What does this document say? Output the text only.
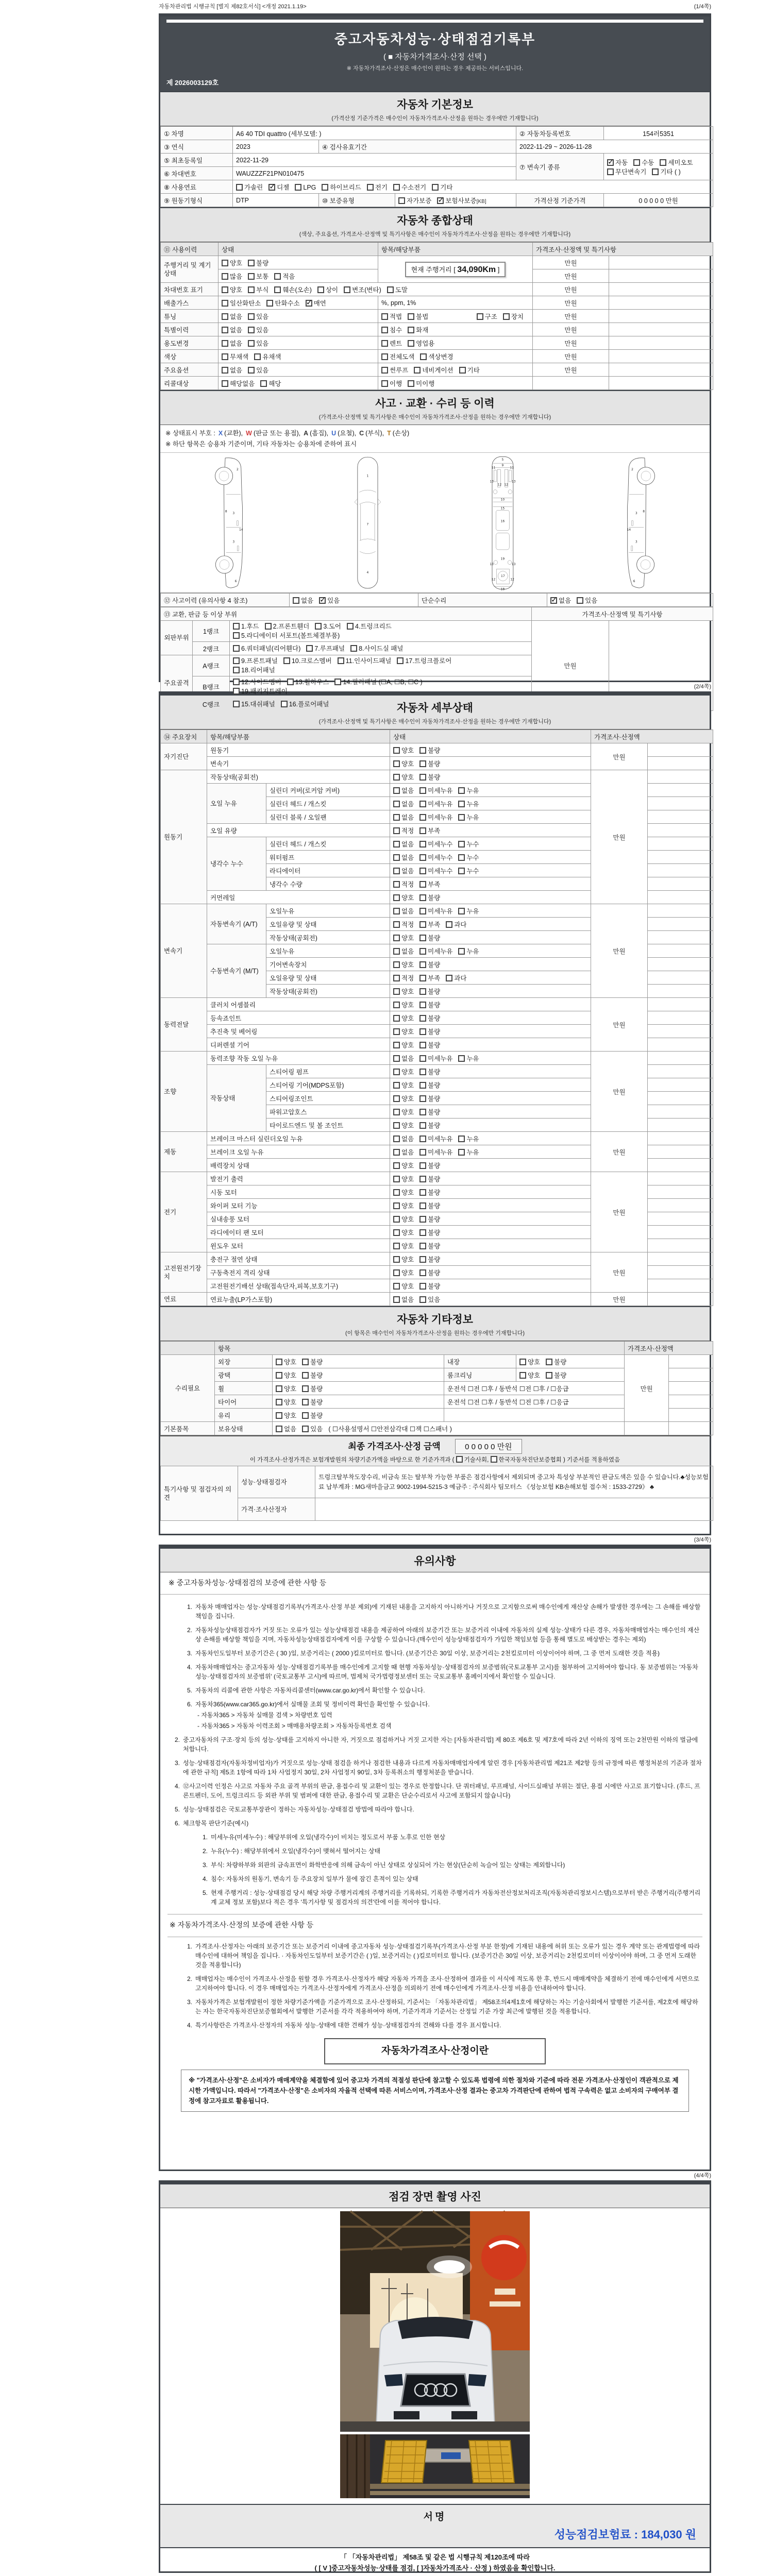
자동차관리법 시행규칙 [별지 제82호서식] <개정 2021.1.19>	(1/4쪽)
중고자동차성능·상태점검기록부
( ■ 자동차가격조사·산정 선택 )
※ 자동차가격조사·산정은 매수인이 원하는 경우 제공하는 서비스입니다.
제 2026003129호
자동차 기본정보
(가격산정 기준가격은 매수인이 자동차가격조사·산정을 원하는 경우에만 기재합니다)
① 차명	A6 40 TDI quattro (세부모델: )			② 자동차등록번호	154러5351
③ 연식	2023	④ 검사유효기간		2022-11-29 ~ 2026-11-28	
⑤ 최초등록일	2022-11-29			⑦ 변속기 종류	✓자동 수동 세미오토무단변속기 기타 ( )
⑥ 차대번호	WAUZZZF21PN010475				
⑧ 사용연료	가솔린 ✓ 디젤 LPG 하이브리드 전기 수소전기 기타
⑨ 원동기형식	DTP	⑩ 보증유형	자가보증 ✓ 보험사보증[KB]	가격산정 기준가격	0 0 0 0 0 만원
자동차 종합상태
(색상, 주요옵션, 가격조사·산정액 및 특기사항은 매수인이 자동차가격조사·산정을 원하는 경우에만 기재합니다)
⑪ 사용이력	상태	항목/해당부품	가격조사·산정액 및 특기사항	
주행거리 및 계기상태	양호 불량	현재 주행거리 [ 34,090Km ]	만원	
	많음 보통 적음		만원	
차대번호 표기	양호 부식 훼손(오손) 상이 변조(변타) 도말		만원	
배출가스	일산화탄소 탄화수소 ✓ 매연	%, ppm, 1%	만원	
튜닝	없음 있음	적법 불법 구조 장치	만원	
특별이력	없음 있음	침수 화재	만원	
용도변경	없음 있음	렌트 영업용	만원	
색상	무채색 유채색	전체도색 색상변경	만원	
주요옵션	없음 있음	썬루프 네비게이션 기타	만원	
리콜대상	해당없음 해당	이행 미이행		
사고 · 교환 · 수리 등 이력
(가격조사·산정액 및 특기사항은 매수인이 자동차가격조사·산정을 원하는 경우에만 기재합니다)
※ 상태표시 부호 : X (교환), W (판금 또는 용접), A (흠집), U (요철), C (부식), T (손상)
※ 하단 항목은 승용차 기준이며, 기타 자동차는 승용차에 준하여 표시
2
8 3
14
3
6
1
7
4
5
9
11 11
13	13
12 12
10
15
16
19
13	13
12 12
17
18
2
8
3
14
3
6
⑫ 사고이력 (유의사항 4 참조)	없음 ✓ 있음	단순수리	✓없음 있음
⑬ 교환, 판금 등 이상 부위			가격조사·산정액 및 특기사항	
외판부위	1랭크	1.후드 2.프론트휀더 3.도어 4.트렁크리드
5.라디에이터 서포트(볼트체결부품)	만원	
	2랭크	6.쿼터패널(리어휀다) 7.루프패널 8.사이드실 패널		

주요골격	A랭크	9.프론트패널 10.크로스멤버 11.인사이드패널 17.트렁크플로어
18.리어패널		

	B랭크	12.사이드멤버 13.휠하우스 14.필러패널 (☐A, ☐B, ☐C )
19.패키지트레이		

	C랭크	15.대쉬패널 16.플로어패널		
(2/4쪽)
자동차 세부상태
(가격조사·산정액 및 특기사항은 매수인이 자동차가격조사·산정을 원하는 경우에만 기재합니다)
⑭ 주요장치	항목/해당부품		상태	가격조사·산정액	
자기진단	원동기		양호 불량	만원	
	변속기		양호 불량		
원동기	작동상태(공회전)		양호 불량	만원	
	오일 누유	실린더 커버(로커암 커버)	없음 미세누유 누유		
		실린더 헤드 / 개스킷	없음 미세누유 누유		
		실린더 블록 / 오일팬	없음 미세누유 누유		
	오일 유량		적정 부족		
	냉각수 누수	실린더 헤드 / 개스킷	없음 미세누수 누수		
		워터펌프	없음 미세누수 누수		
		라디에이터	없음 미세누수 누수		
		냉각수 수량	적정 부족		
	커먼레일		양호 불량		
변속기	자동변속기 (A/T)	오일누유	없음 미세누유 누유	만원	
		오일유량 및 상태	적정 부족 과다		
		작동상태(공회전)	양호 불량		
	수동변속기 (M/T)	오일누유	없음 미세누유 누유		
		기어변속장치	양호 불량		
		오일유량 및 상태	적정 부족 과다		
		작동상태(공회전)	양호 불량		
동력전달	클러치 어셈블리		양호 불량	만원	
	등속죠인트		양호 불량		
	추진축 및 베어링		양호 불량		
	디퍼렌셜 기어		양호 불량		
조향	동력조향 작동 오일 누유		없음 미세누유 누유	만원	
	작동상태	스티어링 펌프	양호 불량		
		스티어링 기어(MDPS포함)	양호 불량		
		스티어링조인트	양호 불량		
		파워고압호스	양호 불량		
		타이로드엔드 및 볼 조인트	양호 불량		
제동	브레이크 마스터 실린더오일 누유		없음 미세누유 누유	만원	
	브레이크 오일 누유		없음 미세누유 누유		
	배력장치 상태		양호 불량		
전기	발전기 출력		양호 불량	만원	
	시동 모터		양호 불량		
	와이퍼 모터 기능		양호 불량		
	실내송풍 모터		양호 불량		
	라디에이터 팬 모터		양호 불량		
	윈도우 모터		양호 불량		
고전원전기장치	충전구 절연 상태		양호 불량	만원	
	구동축전지 격리 상태		양호 불량		
	고전원전기배선 상태(접속단자,피복,보호기구)		양호 불량		
연료	연료누출(LP가스포함)		없음 있음	만원	
자동차 기타정보
(이 항목은 매수인이 자동차가격조사·산정을 원하는 경우에만 기재합니다)
	항목				가격조사·산정액	
수리필요	외장	양호 불량	내장	양호 불량	만원	
	광택	양호 불량	룸크리닝	양호 불량		
	휠	양호 불량	운전석 ☐전 ☐후 / 동반석 ☐전 ☐후 / ☐응급			
	타이어	양호 불량	운전석 ☐전 ☐후 / 동반석 ☐전 ☐후 / ☐응급			
	유리	양호 불량				
기본품목	보유상태	없음 있음 ( ☐사용설명서 ☐안전삼각대 ☐잭 ☐스패너 )				
최종 가격조사·산정 금액	0 0 0 0 0 만원
이 가격조사·산정가격은 보험개발원의 차량기준가액을 바탕으로 한 기준가격과 ( 기술사회, 한국자동차진단보증협회 ) 기준서를 적용하였음
특기사항 및 점검자의 의견	성능·상태점검자	트렁크탈부착도장수리, 비금속 또는 탈부착 가능한 부품은 점검사항에서 제외되며 중고차 특성상 부분적인 판금도색은 있을 수 있습니다.♣성능보험료 납부계좌 : MG새마을금고 9002-1994-5215-3 예금주 : 주식회사 팀모터스 《성능보험 KB손해보험 접수처 : 1533-2729》 ♣
	가격·조사산정자	
(3/4쪽)
유의사항
※ 중고자동차성능·상태점검의 보증에 관한 사항 등
1. 자동차 매매업자는 성능·상태점검기록부(가격조사·산정 부분 제외)에 기재된 내용을 고지하지 아니하거나 거짓으로 고지함으로써 매수인에게 재산상 손해가 발생한 경우에는 그 손해를 배상할 책임을 집니다.
2. 자동차성능상태점검자가 거짓 또는 오류가 있는 성능상태점검 내용을 제공하여 아래의 보증기간 또는 보증거리 이내에 자동차의 실제 성능·상태가 다른 경우, 자동차매매업자는 매수인의 재산상 손해를 배상할 책임을 지며, 자동차성능상태점검자에게 이를 구상할 수 있습니다.(매수인이 성능상태점검자가 가입한 책임보험 등을 통해 별도로 배상받는 경우는 제외)
3. 자동차인도일부터 보증기간은 ( 30 )일, 보증거리는 ( 2000 )킬로미터로 합니다. (보증기간은 30일 이상, 보증거리는 2천킬로미터 이상이어야 하며, 그 중 먼저 도래한 것을 적용)
4. 자동차매매업자는 중고자동차 성능·상태점검기록부를 매수인에게 고지할 때 현행 자동차성능·상태점검자의 보증범위(국토교통부 고시)를 첨부하여 고지하여야 합니다. 동 보증범위는 '자동차성능·상태점검자의 보증범위' (국토교통부 고시)에 따르며, 법제처 국가법령정보센터 또는 국토교통부 홈페이지에서 확인할 수 있습니다.
5. 자동차의 리콜에 관한 사항은 자동차리콜센터(www.car.go.kr)에서 확인할 수 있습니다.
6. 자동차365(www.car365.go.kr)에서 실매물 조회 및 정비이력 확인을 확인할 수 있습니다.
- 자동차365 > 자동차 실매물 검색 > 차량번호 입력
- 자동차365 > 자동차 이력조회 > 매매용차량조회 > 자동차등록번호 검색
2. 중고자동차의 구조·장치 등의 성능·상태를 고지하지 아니한 자, 거짓으로 점검하거나 거짓 고지한 자는 [자동차관리법] 제 80조 제6호 및 제7호에 따라 2년 이하의 징역 또는 2천만원 이하의 벌금에 처합니다.
3. 성능·상태점검자(자동차정비업자)가 거짓으로 성능·상태 점검을 하거나 점검한 내용과 다르게 자동차매매업자에게 알린 경우 [자동차관리법 제21조 제2항 등의 규정에 따른 행정처분의 기준과 절차에 관한 규칙] 제5조 1항에 따라 1차 사업정지 30일, 2차 사업정지 90일, 3차 등록취소의 행정처분을 받습니다.
4. ⑫사고이력 인정은 사고로 자동차 주요 골격 부위의 판금, 용접수리 및 교환이 있는 경우로 한정합니다. 단 쿼터패널, 루프패널, 사이드실패널 부위는 절단, 용접 시에만 사고로 표기합니다. (후드, 프론트펜더, 도어, 트렁크리드 등 외판 부위 및 범퍼에 대한 판금, 용접수리 및 교환은 단순수리로서 사고에 포함되지 않습니다)
5. 성능·상태점검은 국토교통부장관이 정하는 자동차성능·상태점검 방법에 따라야 합니다.
6. 체크항목 판단기준(예시)
1. 미세누유(미세누수) : 해당부위에 오일(냉각수)이 비치는 정도로서 부품 노후로 인한 현상
2. 누유(누수) : 해당부위에서 오일(냉각수)이 맺혀서 떨어지는 상태
3. 부식: 차량하부와 외판의 금속표면이 화학반응에 의해 금속이 아닌 상태로 상실되어 가는 현상(단순히 녹슬어 있는 상태는 제외합니다)
4. 침수: 자동차의 원동기, 변속기 등 주요장치 일부가 물에 잠긴 흔적이 있는 상태
5. 현재 주행거리 : 성능·상태점검 당시 해당 차량 주행거리계의 주행거리를 기록하되, 기록한 주행거리가 자동차전산정보처리조직(자동차관리정보시스템)으로부터 받은 주행거리(주행거리계 교체 정보 포함)보다 적은 경우 '특기사항 및 점검자의 의견'란에 이를 적어야 합니다.
※ 자동차가격조사·산정의 보증에 관한 사항 등
1. 가격조사·산정자는 아래의 보증기간 또는 보증거리 이내에 중고자동차 성능·상태점검기록부(가격조사·산정 부분 한정)에 기재된 내용에 허위 또는 오류가 있는 경우 계약 또는 관계법령에 따라 매수인에 대하여 책임을 집니다. · 자동차인도일부터 보증기간은 ( )일, 보증거리는 ( )킬로미터로 합니다. (보증기간은 30일 이상, 보증거리는 2천킬로미터 이상이어야 하며, 그 중 먼저 도래한 것을 적용합니다)
2. 매매업자는 매수인이 가격조사·산정을 원할 경우 가격조사·산정자가 해당 자동차 가격을 조사·산정하여 결과를 이 서식에 적도록 한 후, 반드시 매매계약을 체결하기 전에 매수인에게 서면으로 고지하여야 합니다. 이 경우 매매업자는 가격조사·산정자에게 가격조사·산정을 의뢰하기 전에 매수인에게 가격조사·산정 비용을 안내하여야 합니다.
3. 자동차가격은 보험개발원이 정한 차량기준가액을 기준가격으로 조사·산정하되, 기준서는 「자동차관리법」 제58조의4제1호에 해당하는 자는 기술사회에서 발행한 기준서를, 제2호에 해당하는 자는 한국자동차진단보증협회에서 발행한 기준서를 각각 적용하여야 하며, 기준가격과 기준서는 산정일 기준 가장 최근에 발행된 것을 적용합니다.
4. 특기사항란은 가격조사·산정자의 자동차 성능·상태에 대한 견해가 성능·상태점검자의 견해와 다를 경우 표시합니다.
자동차가격조사·산정이란
※ "가격조사·산정"은 소비자가 매매계약을 체결함에 있어 중고차 가격의 적절성 판단에 참고할 수 있도록 법령에 의한 절차와 기준에 따라 전문 가격조사·산정인이 객관적으로 제시한 가액입니다. 따라서 "가격조사·산정"은 소비자의 자율적 선택에 따른 서비스이며, 가격조사·산정 결과는 중고차 가격판단에 관하여 법적 구속력은 없고 소비자의 구매여부 결정에 참고자료로 활용됩니다.
(4/4쪽)
점검 장면 촬영 사진
서명
성능점검보험료 : 184,030 원
「 「자동차관리법」 제58조 및 같은 법 시행규칙 제120조에 따라
( [ V ]중고자동차성능·상태를 점검, [ ]자동차가격조사 · 산정 ) 하였음을 확인합니다.
